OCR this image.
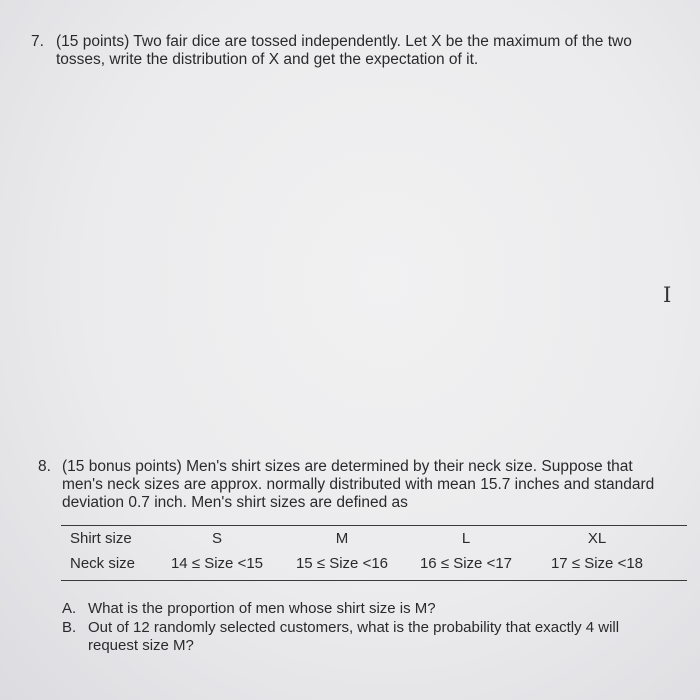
7. (15 points) Two fair dice are tossed independently. Let X be the maximum of the two tosses, write the distribution of X and get the expectation of it.
I
8. (15 bonus points) Men's shirt sizes are determined by their neck size. Suppose that men's neck sizes are approx. normally distributed with mean 15.7 inches and standard deviation 0.7 inch. Men's shirt sizes are defined as
Shirt size	S	M	L	XL
Neck size	14 ≤ Size <15	15 ≤ Size <16	16 ≤ Size <17	17 ≤ Size <18
A. What is the proportion of men whose shirt size is M?
B. Out of 12 randomly selected customers, what is the probability that exactly 4 will request size M?
